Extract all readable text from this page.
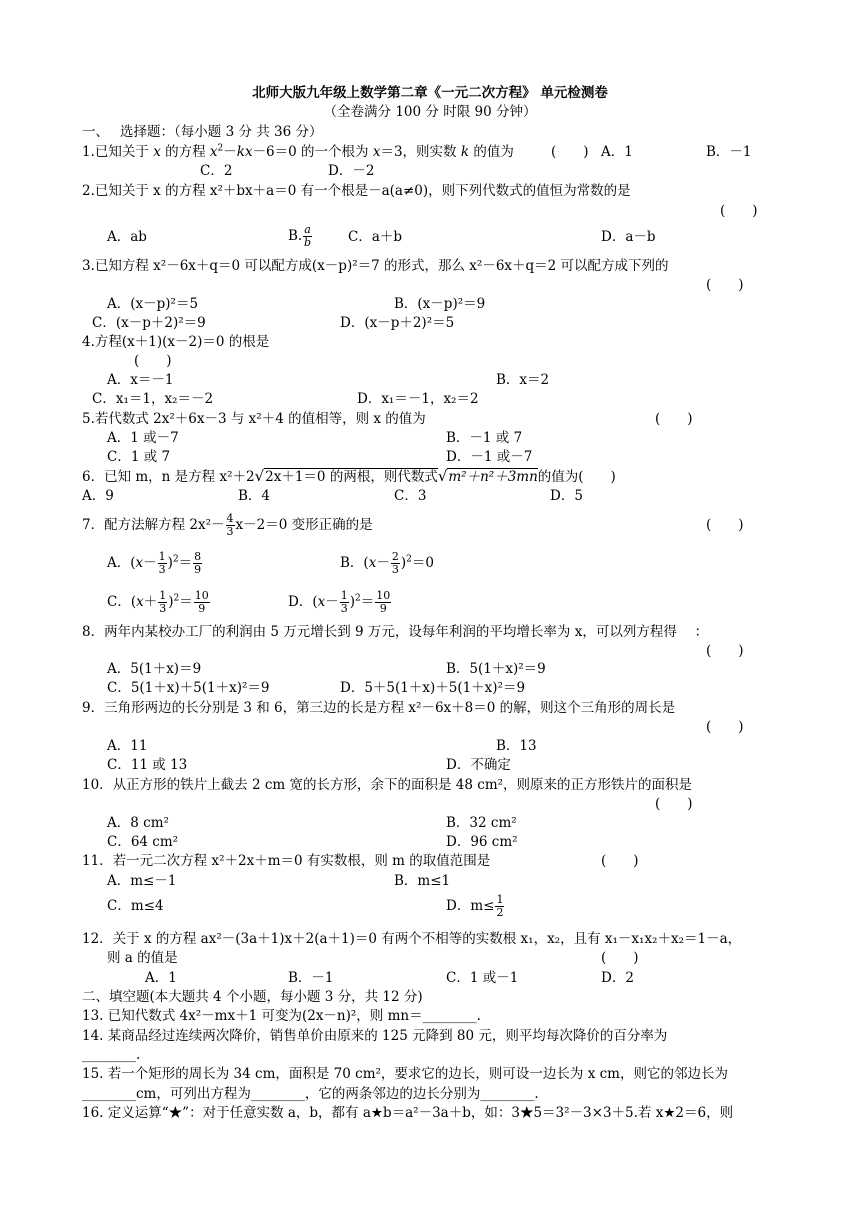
北师大版九年级上数学第二章《一元二次方程》 单元检测卷
（全卷满分 100 分 时限 90 分钟）
一、　 选择题：（每小题 3 分 共 36 分）
1.已知关于 x 的方程 $x^2-kx-6=0$ 的一个根为 x＝3，则实数 k 的值为	(　　) A．1	B．－1
C．2	D．－2
2.已知关于 x 的方程 x²＋bx＋a＝0 有一个根是－a(a≠0)，则下列代数式的值恒为常数的是
(　　)
A．ab	B. $\frac{a}{b}$	C．a＋b	D．a－b
3.已知方程 x²－6x＋q＝0 可以配方成(x－p)²＝7 的形式，那么 x²－6x＋q＝2 可以配方成下列的
(　　)
A．(x－p)²＝5	B．(x－p)²＝9
C．(x－p＋2)²＝9	D．(x－p＋2)²＝5
4.方程(x＋1)(x－2)＝0 的根是
(　　)
A．x＝－1	B．x＝2
C．x₁＝1，x₂＝－2	D．x₁＝－1，x₂＝2
5.若代数式 2x²＋6x－3 与 x²＋4 的值相等，则 x 的值为	(　　)
A．1 或－7	B．－1 或 7
C．1 或 7	D．－1 或－7
6．已知 m，n 是方程 x²＋2√2x＋1＝0 的两根，则代数式√m²＋n²＋3mn的值为(　　)
A．9	B．4	C．3	D．5
7．配方法解方程 $2x^2- \frac{4}{3} x-2=0$ 变形正确的是	(　　)
A．$(x- \frac{1}{3} )^2= \frac{8}{9}$	B．$(x- \frac{2}{3} )^2=0$
C．$(x+ \frac{1}{3} )^2= \frac{10}{9}$	D．$(x- \frac{1}{3} )^2= \frac{10}{9}$
8．两年内某校办工厂的利润由 5 万元增长到 9 万元，设每年利润的平均增长率为 x，可以列方程得　 ：
(　　)
A．5(1＋x)＝9	B．5(1＋x)²＝9
C．5(1＋x)＋5(1＋x)²＝9	D．5＋5(1＋x)＋5(1＋x)²＝9
9．三角形两边的长分别是 3 和 6，第三边的长是方程 x²－6x＋8＝0 的解，则这个三角形的周长是
(　　)
A．11	B．13
C．11 或 13	D．不确定
10．从正方形的铁片上截去 2 cm 宽的长方形，余下的面积是 48 cm²，则原来的正方形铁片的面积是
(　　)
A．8 cm²	B．32 cm²
C．64 cm²	D．96 cm²
11．若一元二次方程 x²＋2x＋m＝0 有实数根，则 m 的取值范围是	(　　)
A．m≤－1	B．m≤1
C．m≤4	D．$m\le \frac{1}{2}$
12．关于 x 的方程 ax²－(3a＋1)x＋2(a＋1)＝0 有两个不相等的实数根 x₁，x₂，且有 x₁－x₁x₂＋x₂＝1－a，
则 a 的值是	(　　)
A．1	B．－1	C．1 或－1	D．2
二、填空题(本大题共 4 个小题，每小题 3 分，共 12 分)
13. 已知代数式 4x²－mx＋1 可变为(2x－n)²，则 mn＝________.
14. 某商品经过连续两次降价，销售单价由原来的 125 元降到 80 元，则平均每次降价的百分率为
________.
15. 若一个矩形的周长为 34 cm，面积是 70 cm²，要求它的边长，则可设一边长为 x cm，则它的邻边长为
________cm，可列出方程为________，它的两条邻边的边长分别为________.
16. 定义运算“★”：对于任意实数 a，b，都有 a★b＝a²－3a＋b，如：3★5＝3²－3×3＋5.若 x★2＝6，则
